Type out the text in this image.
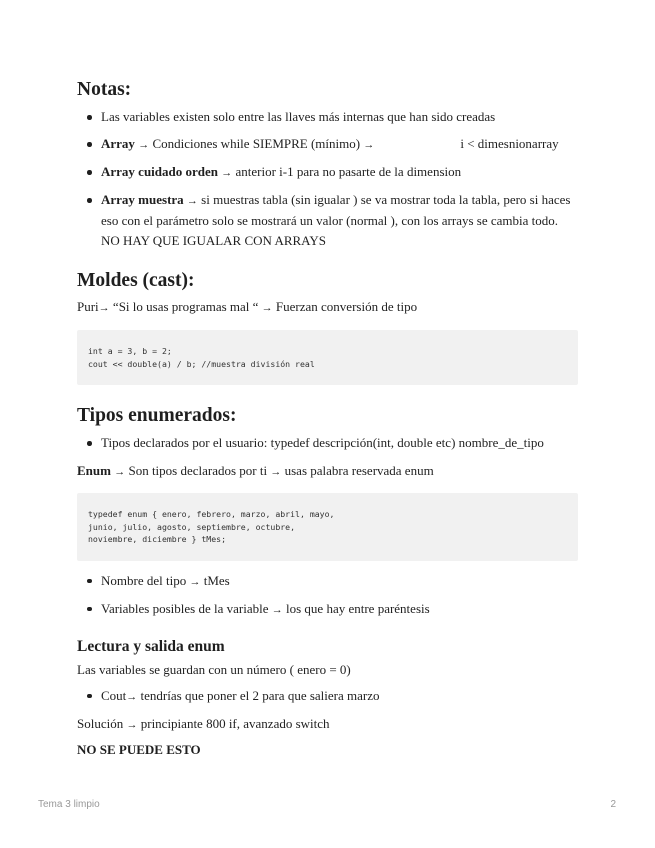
Notas:
Las variables existen solo entre las llaves más internas que han sido creadas
Array → Condiciones while SIEMPRE (mínimo) →	i < dimesnionarray
Array cuidado orden → anterior i-1 para no pasarte de la dimension
Array muestra → si muestras tabla (sin igualar ) se va mostrar toda la tabla, pero si haces eso con el parámetro solo se mostrará un valor (normal ), con los arrays se cambia todo. NO HAY QUE IGUALAR CON ARRAYS
Moldes (cast):

Puri→ “Si lo usas programas mal “ → Fuerzan conversión de tipo

int a = 3, b = 2;
cout << double(a) / b; //muestra división real
Tipos enumerados:
Tipos declarados por el usuario: typedef descripción(int, double etc) nombre_de_tipo

Enum → Son tipos declarados por ti → usas palabra reservada enum

typedef enum { enero, febrero, marzo, abril, mayo,
junio, julio, agosto, septiembre, octubre,
noviembre, diciembre } tMes;
Nombre del tipo → tMes
Variables posibles de la variable → los que hay entre paréntesis
Lectura y salida enum

Las variables se guardan con un número ( enero = 0)

Cout→ tendrías que poner el 2 para que saliera marzo

Solución → principiante 800 if, avanzado switch

NO SE PUEDE ESTO

Tema 3 limpio	2
